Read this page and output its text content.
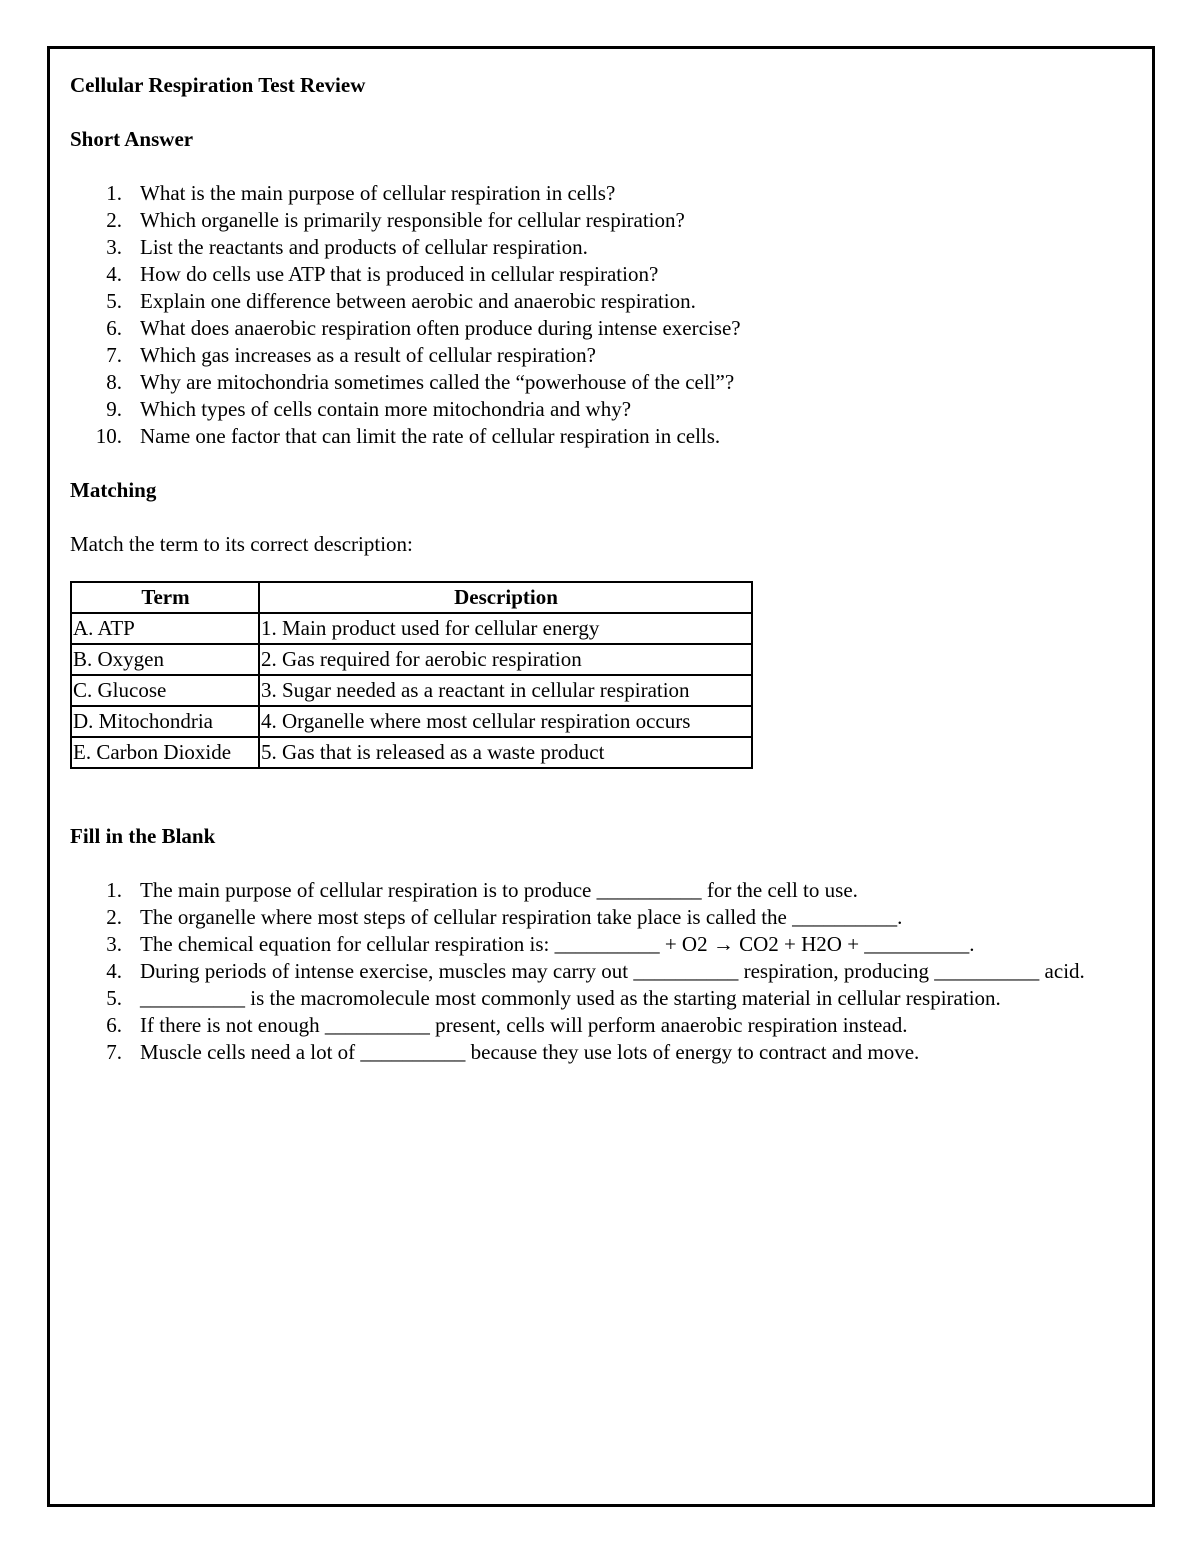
Cellular Respiration Test Review
Short Answer
1. What is the main purpose of cellular respiration in cells?
2. Which organelle is primarily responsible for cellular respiration?
3. List the reactants and products of cellular respiration.
4. How do cells use ATP that is produced in cellular respiration?
5. Explain one difference between aerobic and anaerobic respiration.
6. What does anaerobic respiration often produce during intense exercise?
7. Which gas increases as a result of cellular respiration?
8. Why are mitochondria sometimes called the “powerhouse of the cell”?
9. Which types of cells contain more mitochondria and why?
10. Name one factor that can limit the rate of cellular respiration in cells.
Matching
Match the term to its correct description:
Term	Description
A. ATP	1. Main product used for cellular energy
B. Oxygen	2. Gas required for aerobic respiration
C. Glucose	3. Sugar needed as a reactant in cellular respiration
D. Mitochondria	4. Organelle where most cellular respiration occurs
E. Carbon Dioxide	5. Gas that is released as a waste product
Fill in the Blank
1. The main purpose of cellular respiration is to produce __________ for the cell to use.
2. The organelle where most steps of cellular respiration take place is called the __________.
3. The chemical equation for cellular respiration is: __________ + O2 → CO2 + H2O + __________.
4. During periods of intense exercise, muscles may carry out __________ respiration, producing __________ acid.
5. __________ is the macromolecule most commonly used as the starting material in cellular respiration.
6. If there is not enough __________ present, cells will perform anaerobic respiration instead.
7. Muscle cells need a lot of __________ because they use lots of energy to contract and move.
